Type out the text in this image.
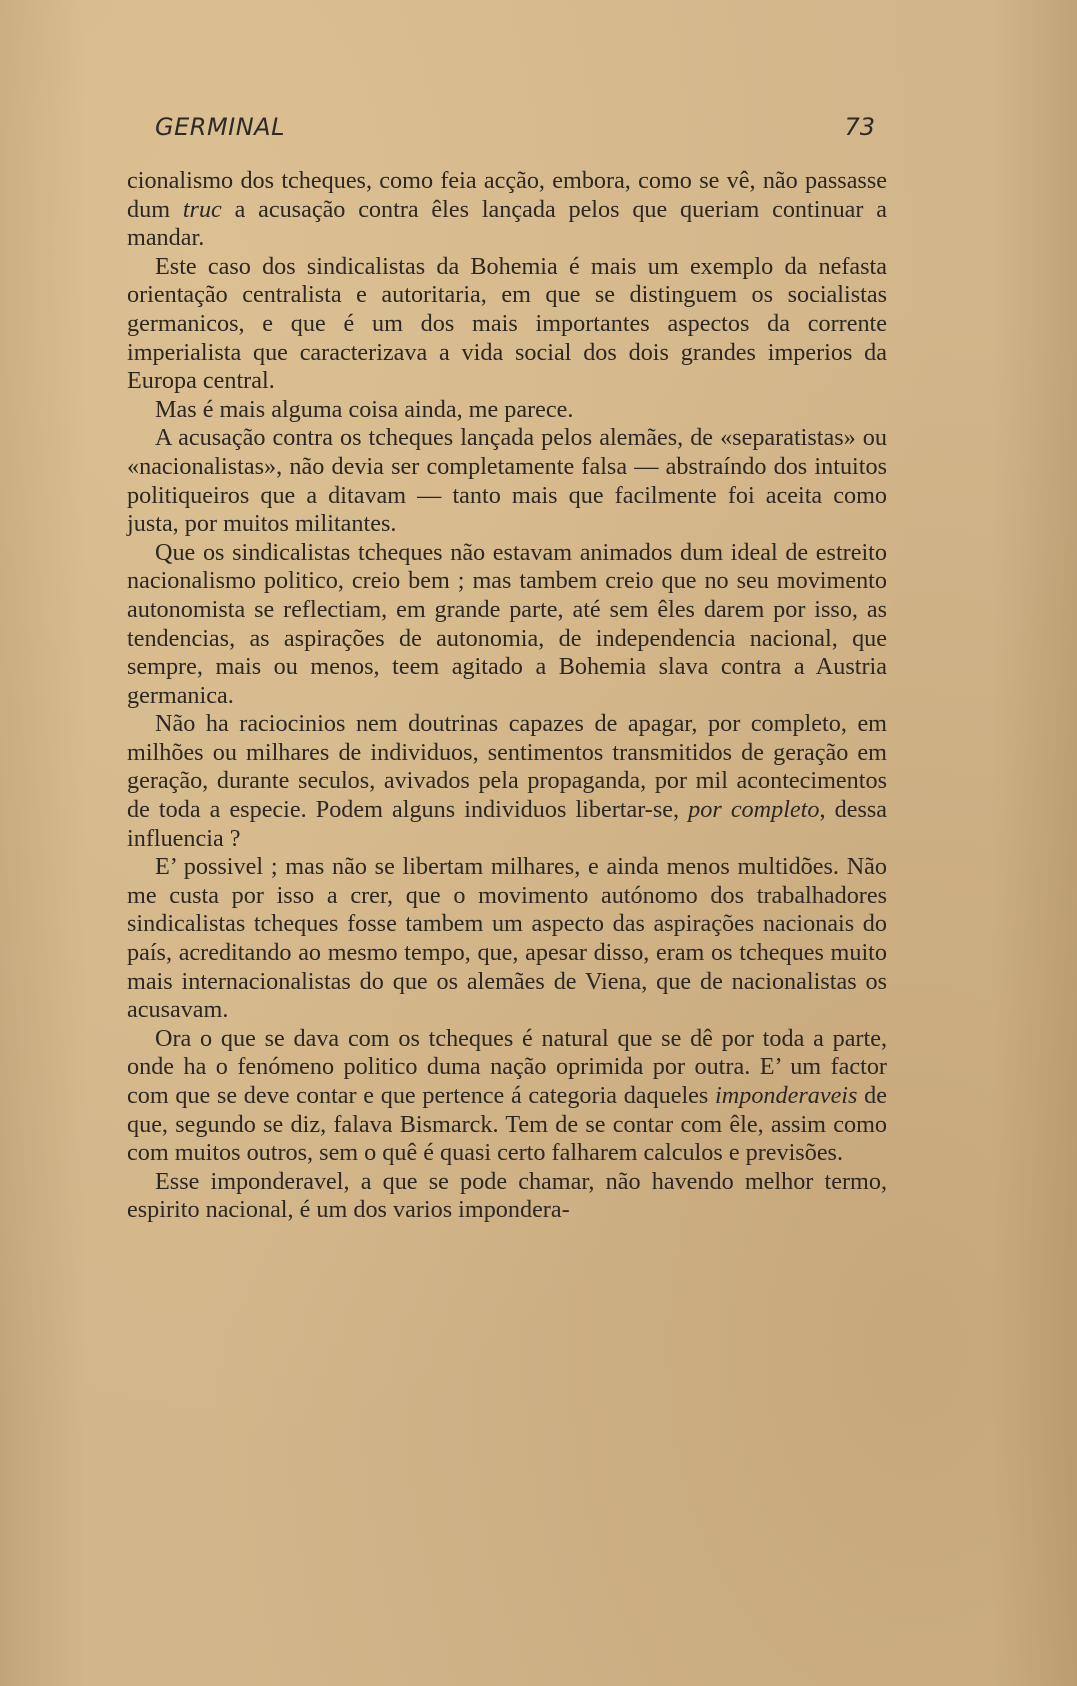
GERMINAL	73

cionalismo dos tcheques, como feia acção, embora, como se vê, não passasse dum truc a acusação contra êles lançada pelos que queriam continuar a mandar.

Este caso dos sindicalistas da Bohemia é mais um exemplo da nefasta orientação centralista e autoritaria, em que se distinguem os socialistas germanicos, e que é um dos mais importantes aspectos da corrente imperialista que caracterizava a vida social dos dois grandes imperios da Europa central.

Mas é mais alguma coisa ainda, me parece.

A acusação contra os tcheques lançada pelos alemães, de «separatistas» ou «nacionalistas», não devia ser completamente falsa — abstraíndo dos intuitos politiqueiros que a ditavam — tanto mais que facilmente foi aceita como justa, por muitos militantes.

Que os sindicalistas tcheques não estavam animados dum ideal de estreito nacionalismo politico, creio bem ; mas tambem creio que no seu movimento autonomista se reflectiam, em grande parte, até sem êles darem por isso, as tendencias, as aspirações de autonomia, de independencia nacional, que sempre, mais ou menos, teem agitado a Bohemia slava contra a Austria germanica.

Não ha raciocinios nem doutrinas capazes de apagar, por completo, em milhões ou milhares de individuos, sentimentos transmitidos de geração em geração, durante seculos, avivados pela propaganda, por mil acontecimentos de toda a especie. Podem alguns individuos libertar-se, por completo, dessa influencia ?

E’ possivel ; mas não se libertam milhares, e ainda menos multidões. Não me custa por isso a crer, que o movimento autónomo dos trabalhadores sindicalistas tcheques fosse tambem um aspecto das aspirações nacionais do país, acreditando ao mesmo tempo, que, apesar disso, eram os tcheques muito mais internacionalistas do que os alemães de Viena, que de nacionalistas os acusavam.

Ora o que se dava com os tcheques é natural que se dê por toda a parte, onde ha o fenómeno politico duma nação oprimida por outra. E’ um factor com que se deve contar e que pertence á categoria daqueles imponderaveis de que, segundo se diz, falava Bismarck. Tem de se contar com êle, assim como com muitos outros, sem o quê é quasi certo falharem calculos e previsões.

Esse imponderavel, a que se pode chamar, não havendo melhor termo, espirito nacional, é um dos varios impondera-
